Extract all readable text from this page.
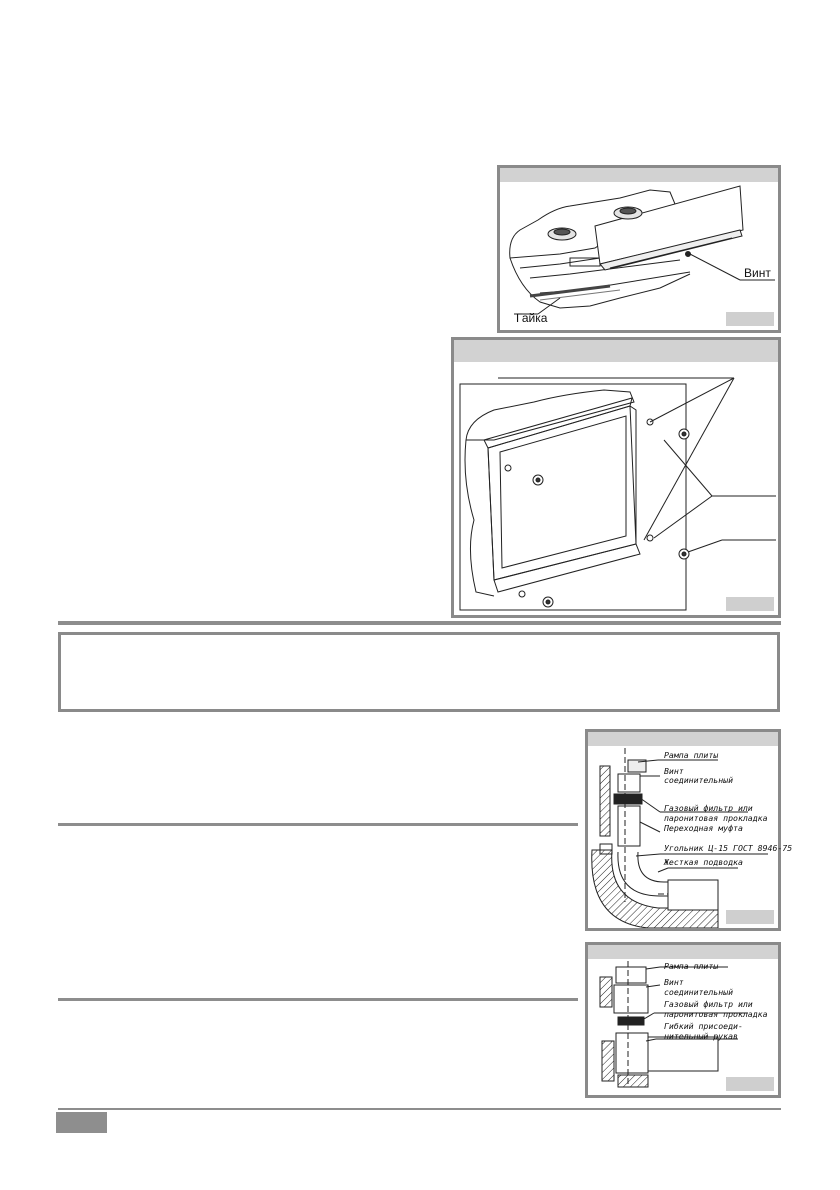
Винт
Гайка
Рампа плиты
Винт
соединительный
Газовый фильтр или
паронитовая прокладка
Переходная муфта
Угольник Ц-15 ГОСТ 8946-75
Жесткая подводка
Рампа плиты
Винт
соединительный
Газовый фильтр или
паронитовая прокладка
Гибкий присоеди-
нительный рукав
